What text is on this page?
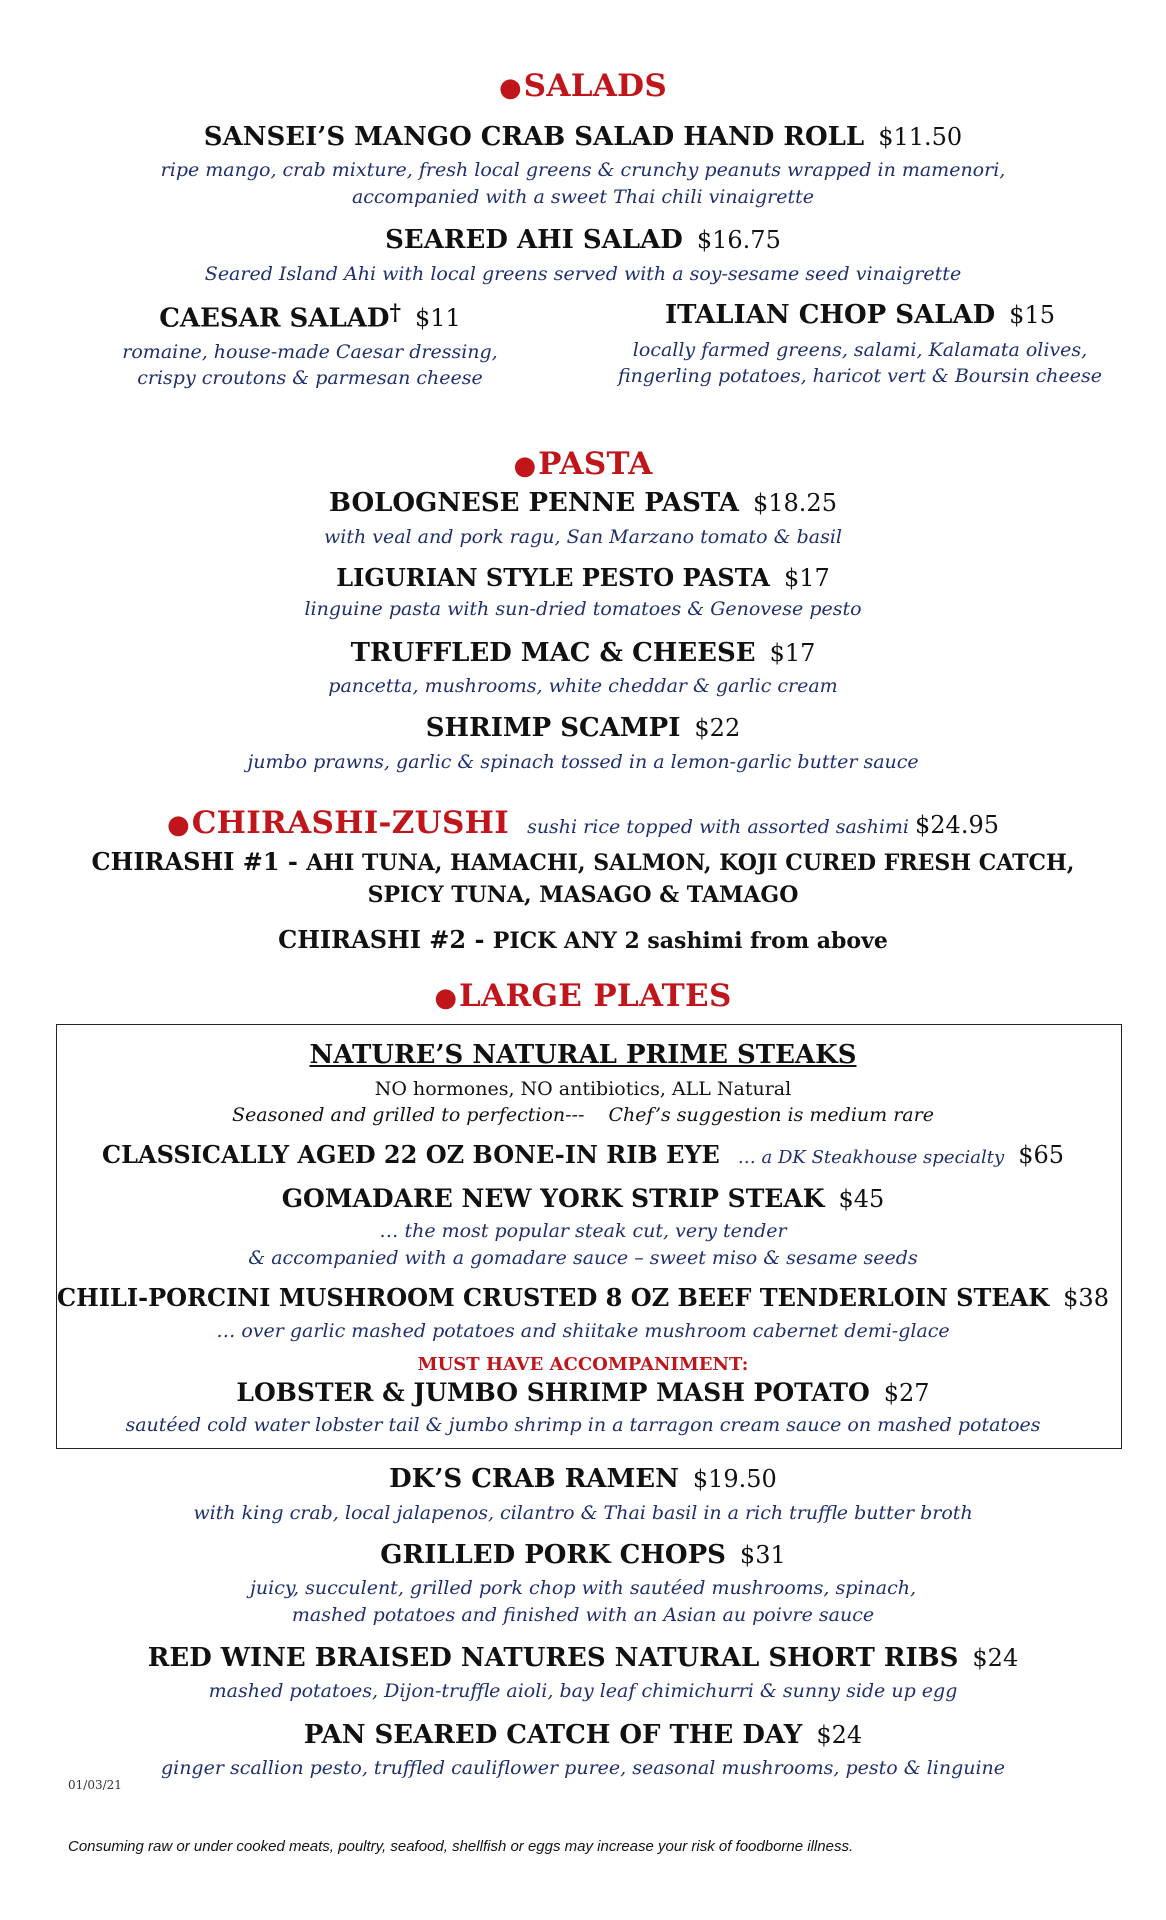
●SALADS
SANSEI’S MANGO CRAB SALAD HAND ROLL $11.50
ripe mango, crab mixture, fresh local greens & crunchy peanuts wrapped in mamenori,
accompanied with a sweet Thai chili vinaigrette
SEARED AHI SALAD $16.75
Seared Island Ahi with local greens served with a soy-sesame seed vinaigrette
CAESAR SALAD† $11
romaine, house-made Caesar dressing,
crispy croutons & parmesan cheese
ITALIAN CHOP SALAD $15
locally farmed greens, salami, Kalamata olives,
fingerling potatoes, haricot vert & Boursin cheese
●PASTA
BOLOGNESE PENNE PASTA $18.25
with veal and pork ragu, San Marzano tomato & basil
LIGURIAN STYLE PESTO PASTA $17
linguine pasta with sun-dried tomatoes & Genovese pesto
TRUFFLED MAC & CHEESE $17
pancetta, mushrooms, white cheddar & garlic cream
SHRIMP SCAMPI $22
jumbo prawns, garlic & spinach tossed in a lemon-garlic butter sauce
●CHIRASHI-ZUSHI sushi rice topped with assorted sashimi $24.95
CHIRASHI #1 - AHI TUNA, HAMACHI, SALMON, KOJI CURED FRESH CATCH,
SPICY TUNA, MASAGO & TAMAGO
CHIRASHI #2 - PICK ANY 2 sashimi from above
●LARGE PLATES
NATURE’S NATURAL PRIME STEAKS
NO hormones, NO antibiotics, ALL Natural
Seasoned and grilled to perfection---    Chef’s suggestion is medium rare
CLASSICALLY AGED 22 OZ BONE-IN RIB EYE … a DK Steakhouse specialty $65
GOMADARE NEW YORK STRIP STEAK $45
… the most popular steak cut, very tender
& accompanied with a gomadare sauce – sweet miso & sesame seeds
CHILI-PORCINI MUSHROOM CRUSTED 8 OZ BEEF TENDERLOIN STEAK $38
… over garlic mashed potatoes and shiitake mushroom cabernet demi-glace
MUST HAVE ACCOMPANIMENT:
LOBSTER & JUMBO SHRIMP MASH POTATO $27
sautéed cold water lobster tail & jumbo shrimp in a tarragon cream sauce on mashed potatoes
DK’S CRAB RAMEN $19.50
with king crab, local jalapenos, cilantro & Thai basil in a rich truffle butter broth
GRILLED PORK CHOPS $31
juicy, succulent, grilled pork chop with sautéed mushrooms, spinach,
mashed potatoes and finished with an Asian au poivre sauce
RED WINE BRAISED NATURES NATURAL SHORT RIBS $24
mashed potatoes, Dijon-truffle aioli, bay leaf chimichurri & sunny side up egg
PAN SEARED CATCH OF THE DAY $24
ginger scallion pesto, truffled cauliflower puree, seasonal mushrooms, pesto & linguine
01/03/21
Consuming raw or under cooked meats, poultry, seafood, shellfish or eggs may increase your risk of foodborne illness.
